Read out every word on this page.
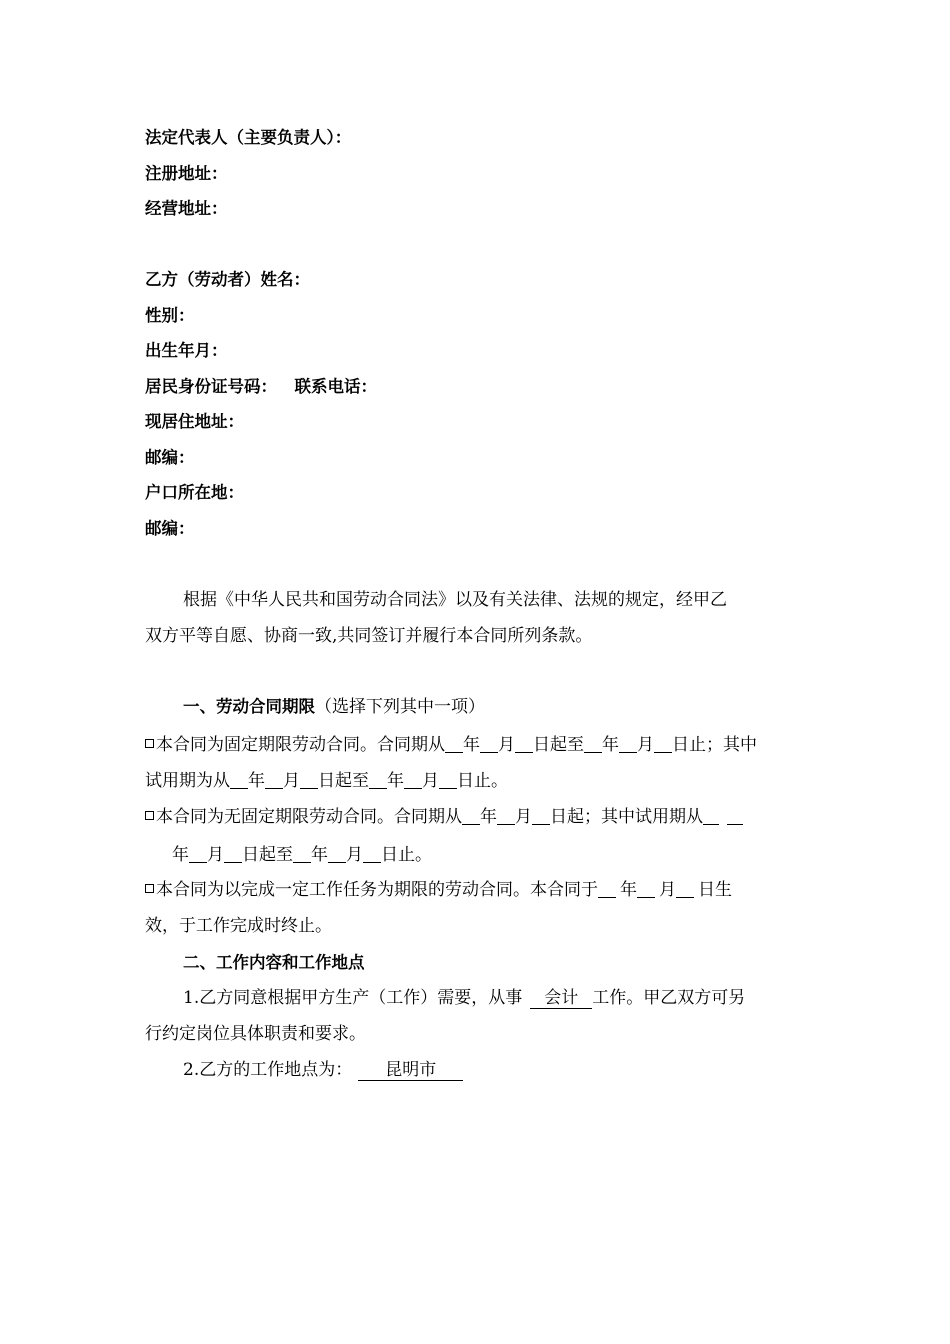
法定代表人（主要负责人）：
注册地址：
经营地址：
乙方（劳动者）姓名：
性别：
出生年月：
居民身份证号码： 联系电话：
现居住地址：
邮编：
户口所在地：
邮编：
根据《中华人民共和国劳动合同法》以及有关法律、法规的规定，经甲乙
双方平等自愿、协商一致,共同签订并履行本合同所列条款。
一、劳动合同期限（选择下列其中一项）
本合同为固定期限劳动合同。合同期从 年 月 日起至 年 月 日止；其中
试用期为从 年 月 日起至 年 月 日止。
本合同为无固定期限劳动合同。合同期从 年 月 日起；其中试用期从
年 月 日起至 年 月 日止。
本合同为以完成一定工作任务为期限的劳动合同。本合同于 年 月 日生
效，于工作完成时终止。
二、工作内容和工作地点
1.乙方同意根据甲方生产（工作）需要，从事 会计 工作。甲乙双方可另
行约定岗位具体职责和要求。
2.乙方的工作地点为： 昆明市
